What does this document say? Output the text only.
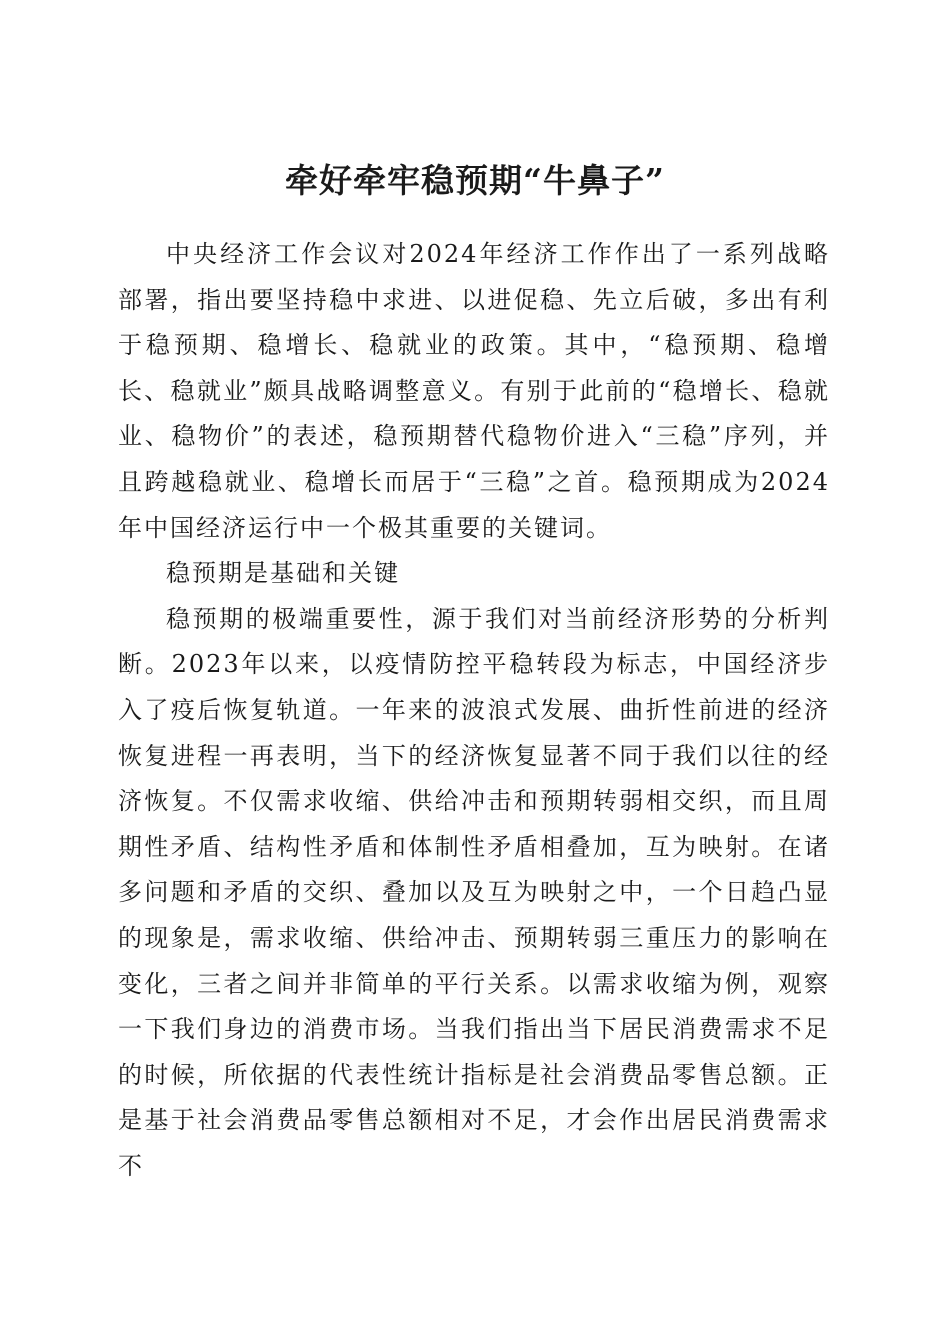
牵好牵牢稳预期“牛鼻子”

中央经济工作会议对2024年经济工作作出了一系列战略部署，指出要坚持稳中求进、以进促稳、先立后破，多出有利于稳预期、稳增长、稳就业的政策。其中，“稳预期、稳增长、稳就业”颇具战略调整意义。有别于此前的“稳增长、稳就业、稳物价”的表述，稳预期替代稳物价进入“三稳”序列，并且跨越稳就业、稳增长而居于“三稳”之首。稳预期成为2024年中国经济运行中一个极其重要的关键词。

稳预期是基础和关键

稳预期的极端重要性，源于我们对当前经济形势的分析判断。2023年以来，以疫情防控平稳转段为标志，中国经济步入了疫后恢复轨道。一年来的波浪式发展、曲折性前进的经济恢复进程一再表明，当下的经济恢复显著不同于我们以往的经济恢复。不仅需求收缩、供给冲击和预期转弱相交织，而且周期性矛盾、结构性矛盾和体制性矛盾相叠加，互为映射。在诸多问题和矛盾的交织、叠加以及互为映射之中，一个日趋凸显的现象是，需求收缩、供给冲击、预期转弱三重压力的影响在变化，三者之间并非简单的平行关系。以需求收缩为例，观察一下我们身边的消费市场。当我们指出当下居民消费需求不足的时候，所依据的代表性统计指标是社会消费品零售总额。正是基于社会消费品零售总额相对不足，才会作出居民消费需求不
